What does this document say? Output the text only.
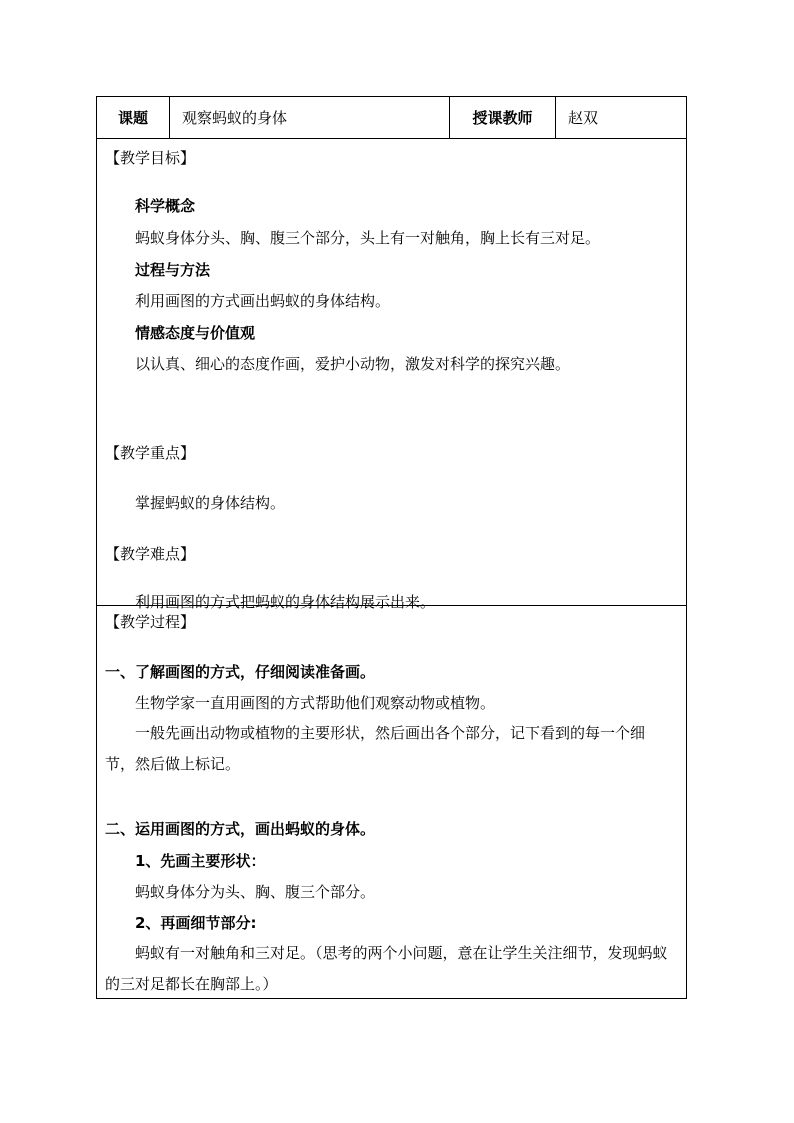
课题	观察蚂蚁的身体	授课教师	赵双

【教学目标】
科学概念
蚂蚁身体分头、胸、腹三个部分，头上有一对触角，胸上长有三对足。
过程与方法
利用画图的方式画出蚂蚁的身体结构。
情感态度与价值观
以认真、细心的态度作画，爱护小动物，激发对科学的探究兴趣。
【教学重点】
掌握蚂蚁的身体结构。
【教学难点】
利用画图的方式把蚂蚁的身体结构展示出来。

【教学过程】
一、了解画图的方式，仔细阅读准备画。
生物学家一直用画图的方式帮助他们观察动物或植物。
一般先画出动物或植物的主要形状，然后画出各个部分，记下看到的每一个细节，然后做上标记。
二、运用画图的方式，画出蚂蚁的身体。
1、先画主要形状：
蚂蚁身体分为头、胸、腹三个部分。
2、再画细节部分:
蚂蚁有一对触角和三对足。（思考的两个小问题，意在让学生关注细节，发现蚂蚁的三对足都长在胸部上。）
